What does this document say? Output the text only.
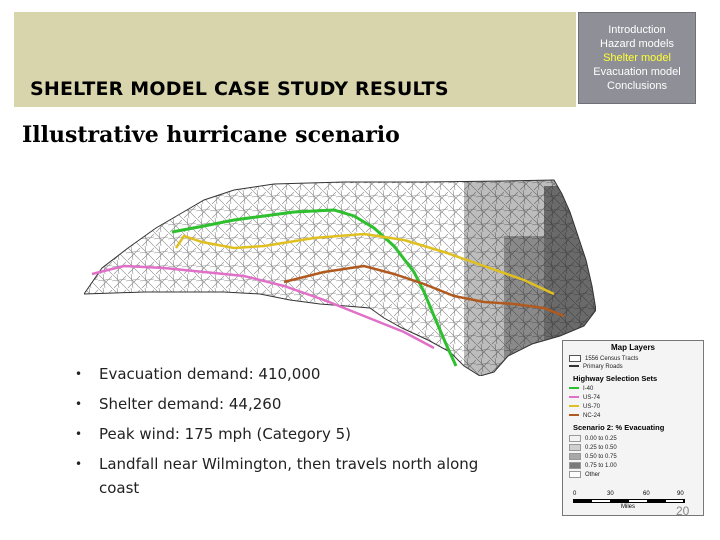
SHELTER MODEL CASE STUDY RESULTS
Introduction
Hazard models
Shelter model
Evacuation model
Conclusions
Illustrative hurricane scenario
• Evacuation demand: 410,000
• Shelter demand: 44,260
• Peak wind: 175 mph (Category 5)
• Landfall near Wilmington, then travels north along coast
Map Layers
1556 Census Tracts
Primary Roads
Highway Selection Sets
I-40
US-74
US-70
NC-24
Scenario 2: % Evacuating
0.00 to 0.25
0.25 to 0.50
0.50 to 0.75
0.75 to 1.00
Other
0	30	60	90
Miles	20
